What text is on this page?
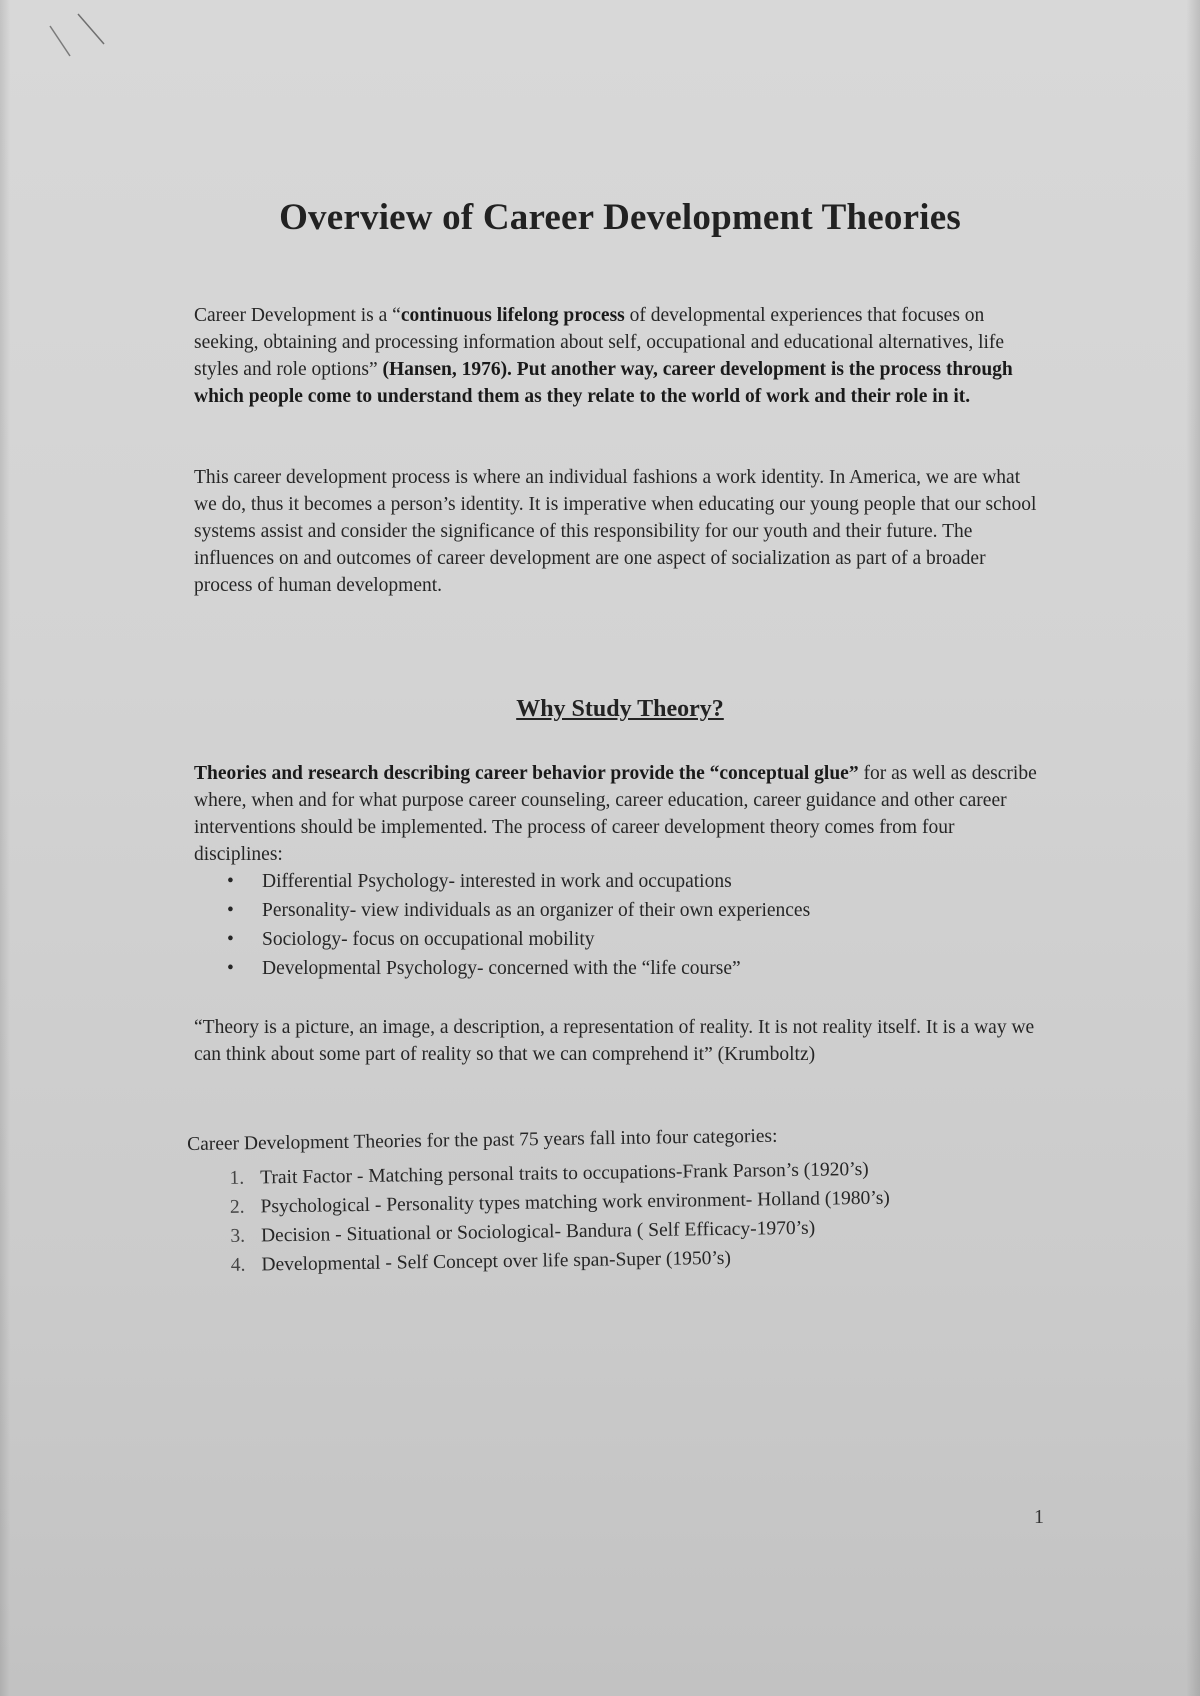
Overview of Career Development Theories
Career Development is a “continuous lifelong process of developmental experiences that focuses on seeking, obtaining and processing information about self, occupational and educational alternatives, life styles and role options” (Hansen, 1976). Put another way, career development is the process through which people come to understand them as they relate to the world of work and their role in it.
This career development process is where an individual fashions a work identity. In America, we are what we do, thus it becomes a person’s identity. It is imperative when educating our young people that our school systems assist and consider the significance of this responsibility for our youth and their future. The influences on and outcomes of career development are one aspect of socialization as part of a broader process of human development.
Why Study Theory?
Theories and research describing career behavior provide the “conceptual glue” for as well as describe where, when and for what purpose career counseling, career education, career guidance and other career interventions should be implemented. The process of career development theory comes from four disciplines:
• Differential Psychology- interested in work and occupations
• Personality- view individuals as an organizer of their own experiences
• Sociology- focus on occupational mobility
• Developmental Psychology- concerned with the “life course”
“Theory is a picture, an image, a description, a representation of reality. It is not reality itself. It is a way we can think about some part of reality so that we can comprehend it” (Krumboltz)
Career Development Theories for the past 75 years fall into four categories:
1. Trait Factor - Matching personal traits to occupations-Frank Parson’s (1920’s)
2. Psychological - Personality types matching work environment- Holland (1980’s)
3. Decision - Situational or Sociological- Bandura ( Self Efficacy-1970’s)
4. Developmental - Self Concept over life span-Super (1950’s)
1
